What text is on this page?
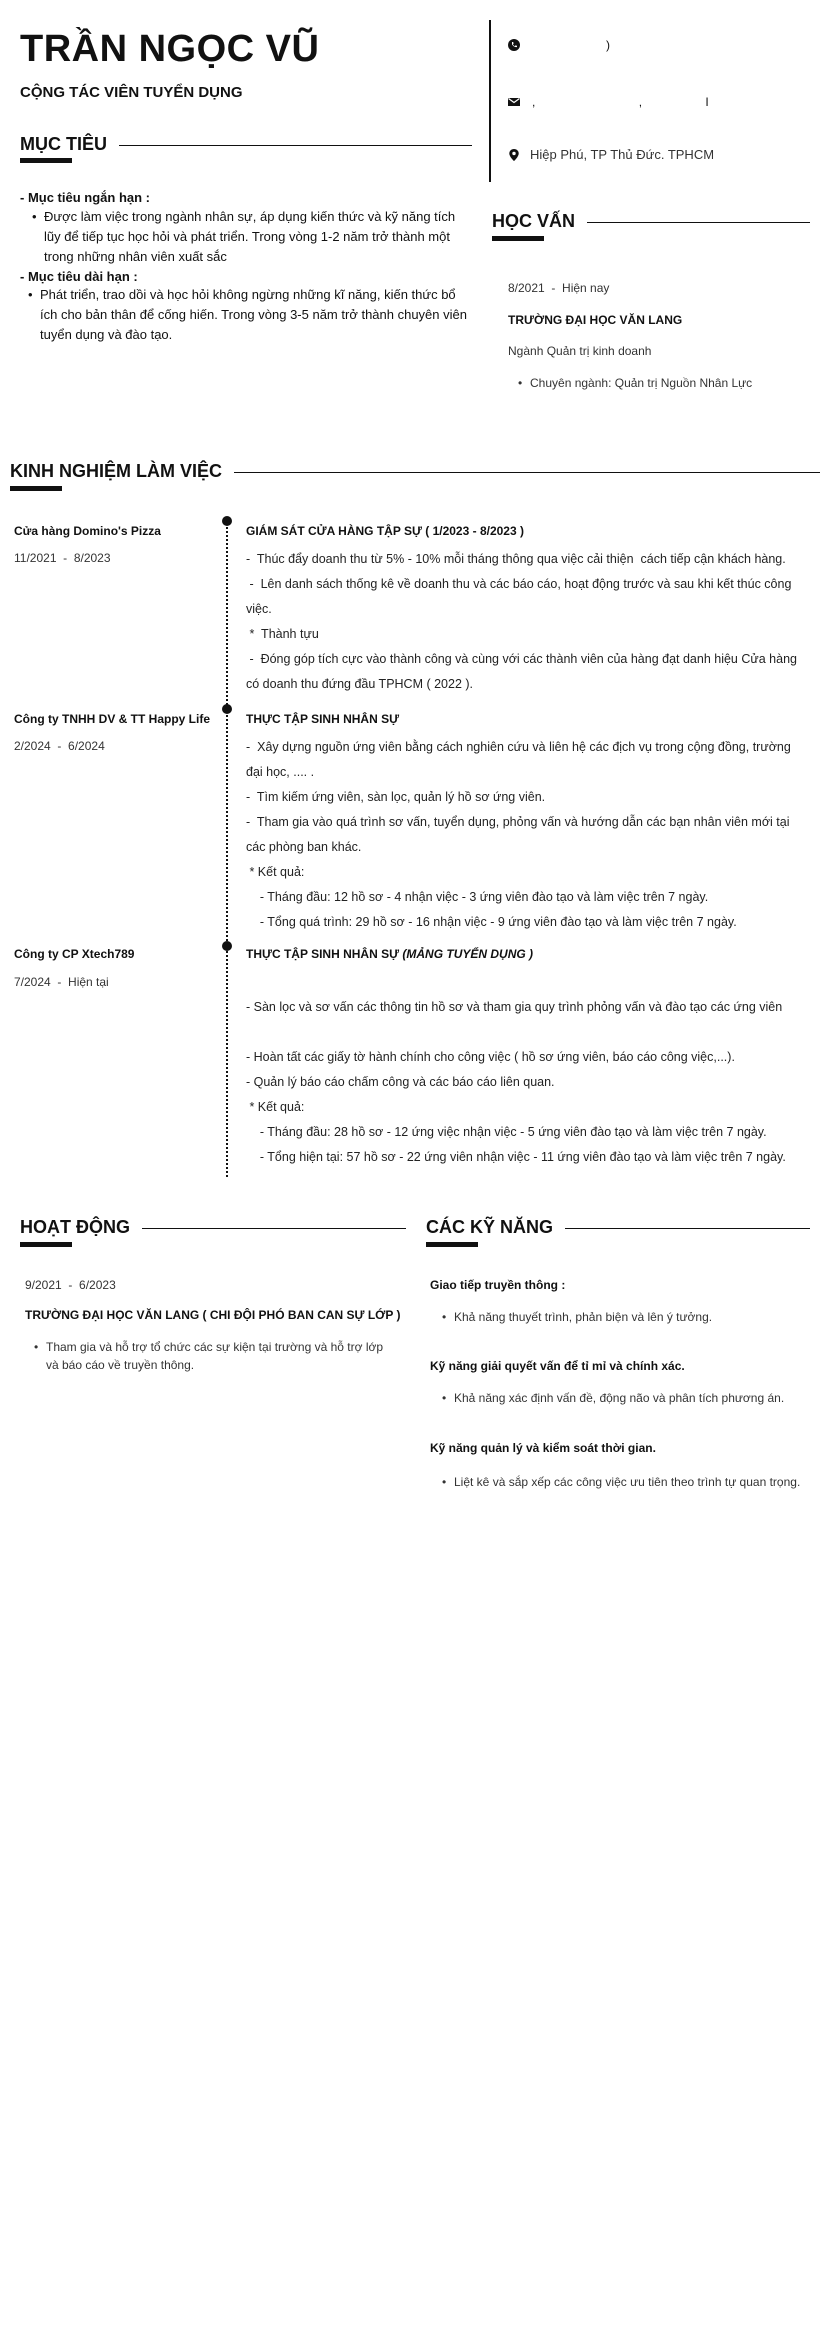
TRẦN NGỌC VŨ
CỘNG TÁC VIÊN TUYỂN DỤNG
)
,                               ,                   I
Hiệp Phú, TP Thủ Đức. TPHCM
MỤC TIÊU
- Mục tiêu ngắn hạn :
• Được làm việc trong ngành nhân sự, áp dụng kiến thức và kỹ năng tích lũy để tiếp tục học hỏi và phát triển. Trong vòng 1-2 năm trở thành một trong những nhân viên xuất sắc
- Mục tiêu dài hạn :
• Phát triển, trao dồi và học hỏi không ngừng những kĩ năng, kiến thức bổ ích cho bản thân để cống hiến. Trong vòng 3-5 năm trở thành chuyên viên tuyển dụng và đào tạo.
HỌC VẤN
8/2021  -  Hiện nay
TRƯỜNG ĐẠI HỌC VĂN LANG
Ngành Quản trị kinh doanh
• Chuyên ngành: Quản trị Nguồn Nhân Lực
KINH NGHIỆM LÀM VIỆC
Cửa hàng Domino's Pizza
11/2021  -  8/2023
GIÁM SÁT CỬA HÀNG TẬP SỰ ( 1/2023 - 8/2023 )
-  Thúc đẩy doanh thu từ 5% - 10% mỗi tháng thông qua việc cải thiện  cách tiếp cận khách hàng.
-  Lên danh sách thống kê về doanh thu và các báo cáo, hoạt động trước và sau khi kết thúc công
việc.
*  Thành tựu
-  Đóng góp tích cực vào thành công và cùng với các thành viên của hàng đạt danh hiệu Cửa hàng
có doanh thu đứng đầu TPHCM ( 2022 ).
Công ty TNHH DV & TT Happy Life
2/2024  -  6/2024
THỰC TẬP SINH NHÂN SỰ
-  Xây dựng nguồn ứng viên bằng cách nghiên cứu và liên hệ các địch vụ trong cộng đồng, trường
đại học, .... .
-  Tìm kiếm ứng viên, sàn lọc, quản lý hồ sơ ứng viên.
-  Tham gia vào quá trình sơ vấn, tuyển dụng, phỏng vấn và hướng dẫn các bạn nhân viên mới tại
các phòng ban khác.
* Kết quả:
- Tháng đầu: 12 hồ sơ - 4 nhận việc - 3 ứng viên đào tạo và làm việc trên 7 ngày.
- Tổng quá trình: 29 hồ sơ - 16 nhận việc - 9 ứng viên đào tạo và làm việc trên 7 ngày.
Công ty CP Xtech789
7/2024  -  Hiện tại
THỰC TẬP SINH NHÂN SỰ (MẢNG TUYỂN DỤNG )
- Sàn lọc và sơ vấn các thông tin hồ sơ và tham gia quy trình phỏng vấn và đào tạo các ứng viên
- Hoàn tất các giấy tờ hành chính cho công việc ( hồ sơ ứng viên, báo cáo công việc,...).
- Quản lý báo cáo chấm công và các báo cáo liên quan.
* Kết quả:
- Tháng đầu: 28 hồ sơ - 12 ứng việc nhận việc - 5 ứng viên đào tạo và làm việc trên 7 ngày.
- Tổng hiện tại: 57 hồ sơ - 22 ứng viên nhận việc - 11 ứng viên đào tạo và làm việc trên 7 ngày.
HOẠT ĐỘNG
9/2021  -  6/2023
TRƯỜNG ĐẠI HỌC VĂN LANG ( CHI ĐỘI PHÓ BAN CAN SỰ LỚP )
• Tham gia và hỗ trợ tổ chức các sự kiện tại trường và hỗ trợ lớp và báo cáo về truyền thông.
CÁC KỸ NĂNG
Giao tiếp truyền thông :
• Khả năng thuyết trình, phản biện và lên ý tưởng.
Kỹ năng giải quyết vấn để tỉ mỉ và chính xác.
• Khả năng xác định vấn đề, động não và phân tích phương án.
Kỹ năng quản lý và kiểm soát thời gian.
• Liệt kê và sắp xếp các công việc ưu tiên theo trình tự quan trọng.
